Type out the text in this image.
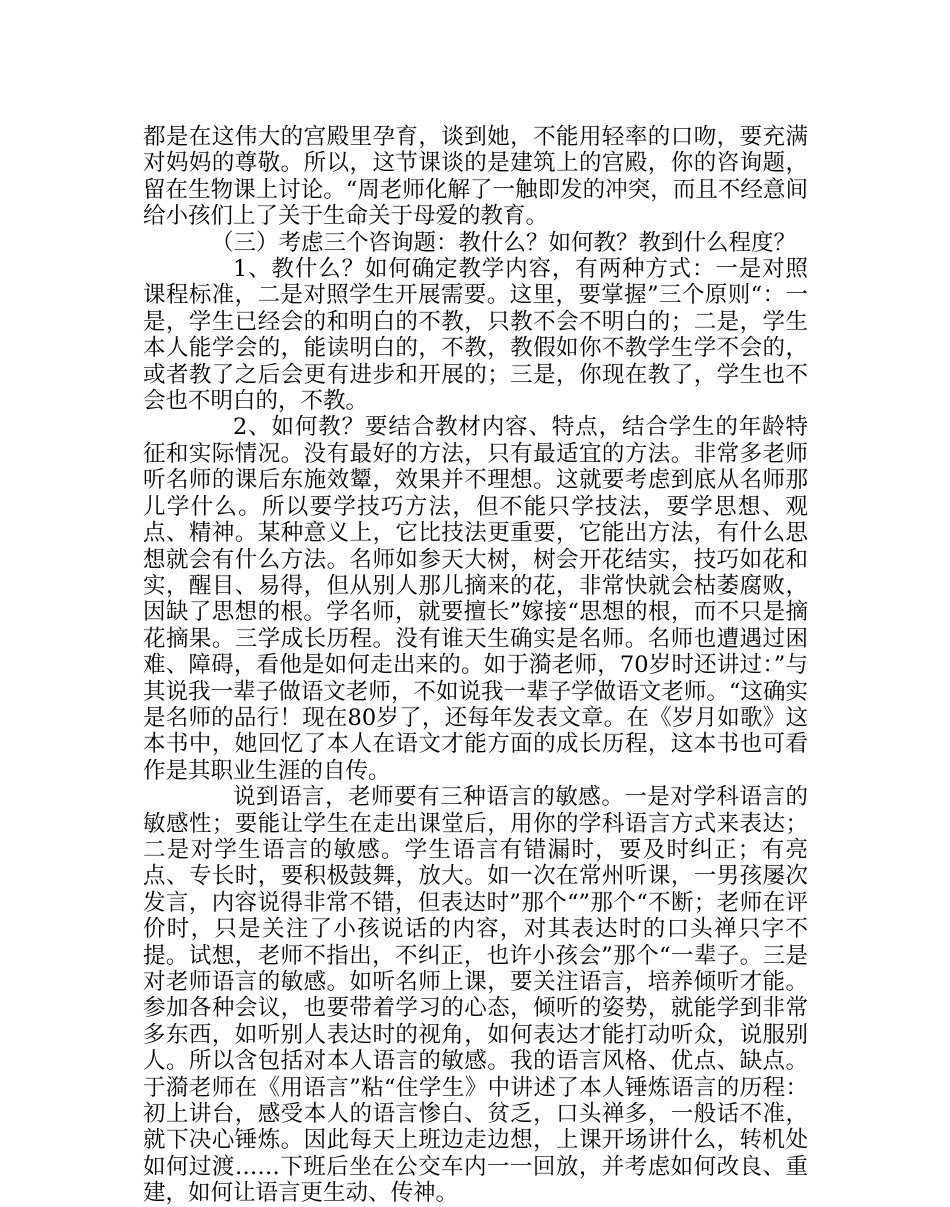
都是在这伟大的宫殿里孕育，谈到她，不能用轻率的口吻，要充满对妈妈的尊敬。所以，这节课谈的是建筑上的宫殿，你的咨询题，留在生物课上讨论。“周老师化解了一触即发的冲突，而且不经意间给小孩们上了关于生命关于母爱的教育。

（三）考虑三个咨询题：教什么？如何教？教到什么程度？

1、教什么？如何确定教学内容，有两种方式：一是对照课程标准，二是对照学生开展需要。这里，要掌握”三个原则“：一是，学生已经会的和明白的不教，只教不会不明白的；二是，学生本人能学会的，能读明白的，不教，教假如你不教学生学不会的，或者教了之后会更有进步和开展的；三是，你现在教了，学生也不会也不明白的，不教。

2、如何教？要结合教材内容、特点，结合学生的年龄特征和实际情况。没有最好的方法，只有最适宜的方法。非常多老师听名师的课后东施效颦，效果并不理想。这就要考虑到底从名师那儿学什么。所以要学技巧方法，但不能只学技法，要学思想、观点、精神。某种意义上，它比技法更重要，它能出方法，有什么思想就会有什么方法。名师如参天大树，树会开花结实，技巧如花和实，醒目、易得，但从别人那儿摘来的花，非常快就会枯萎腐败，因缺了思想的根。学名师，就要擅长”嫁接“思想的根，而不只是摘花摘果。三学成长历程。没有谁天生确实是名师。名师也遭遇过困难、障碍，看他是如何走出来的。如于漪老师，70岁时还讲过：”与其说我一辈子做语文老师，不如说我一辈子学做语文老师。“这确实是名师的品行！现在80岁了，还每年发表文章。在《岁月如歌》这本书中，她回忆了本人在语文才能方面的成长历程，这本书也可看作是其职业生涯的自传。

说到语言，老师要有三种语言的敏感。一是对学科语言的敏感性；要能让学生在走出课堂后，用你的学科语言方式来表达；二是对学生语言的敏感。学生语言有错漏时，要及时纠正；有亮点、专长时，要积极鼓舞，放大。如一次在常州听课，一男孩屡次发言，内容说得非常不错，但表达时”那个“”那个“不断；老师在评价时，只是关注了小孩说话的内容，对其表达时的口头禅只字不提。试想，老师不指出，不纠正，也许小孩会”那个“一辈子。三是对老师语言的敏感。如听名师上课，要关注语言，培养倾听才能。参加各种会议，也要带着学习的心态，倾听的姿势，就能学到非常多东西，如听别人表达时的视角，如何表达才能打动听众，说服别人。所以含包括对本人语言的敏感。我的语言风格、优点、缺点。于漪老师在《用语言”粘“住学生》中讲述了本人锤炼语言的历程：初上讲台，感受本人的语言惨白、贫乏，口头禅多，一般话不准，就下决心锤炼。因此每天上班边走边想，上课开场讲什么，转机处如何过渡……下班后坐在公交车内一一回放，并考虑如何改良、重建，如何让语言更生动、传神。
